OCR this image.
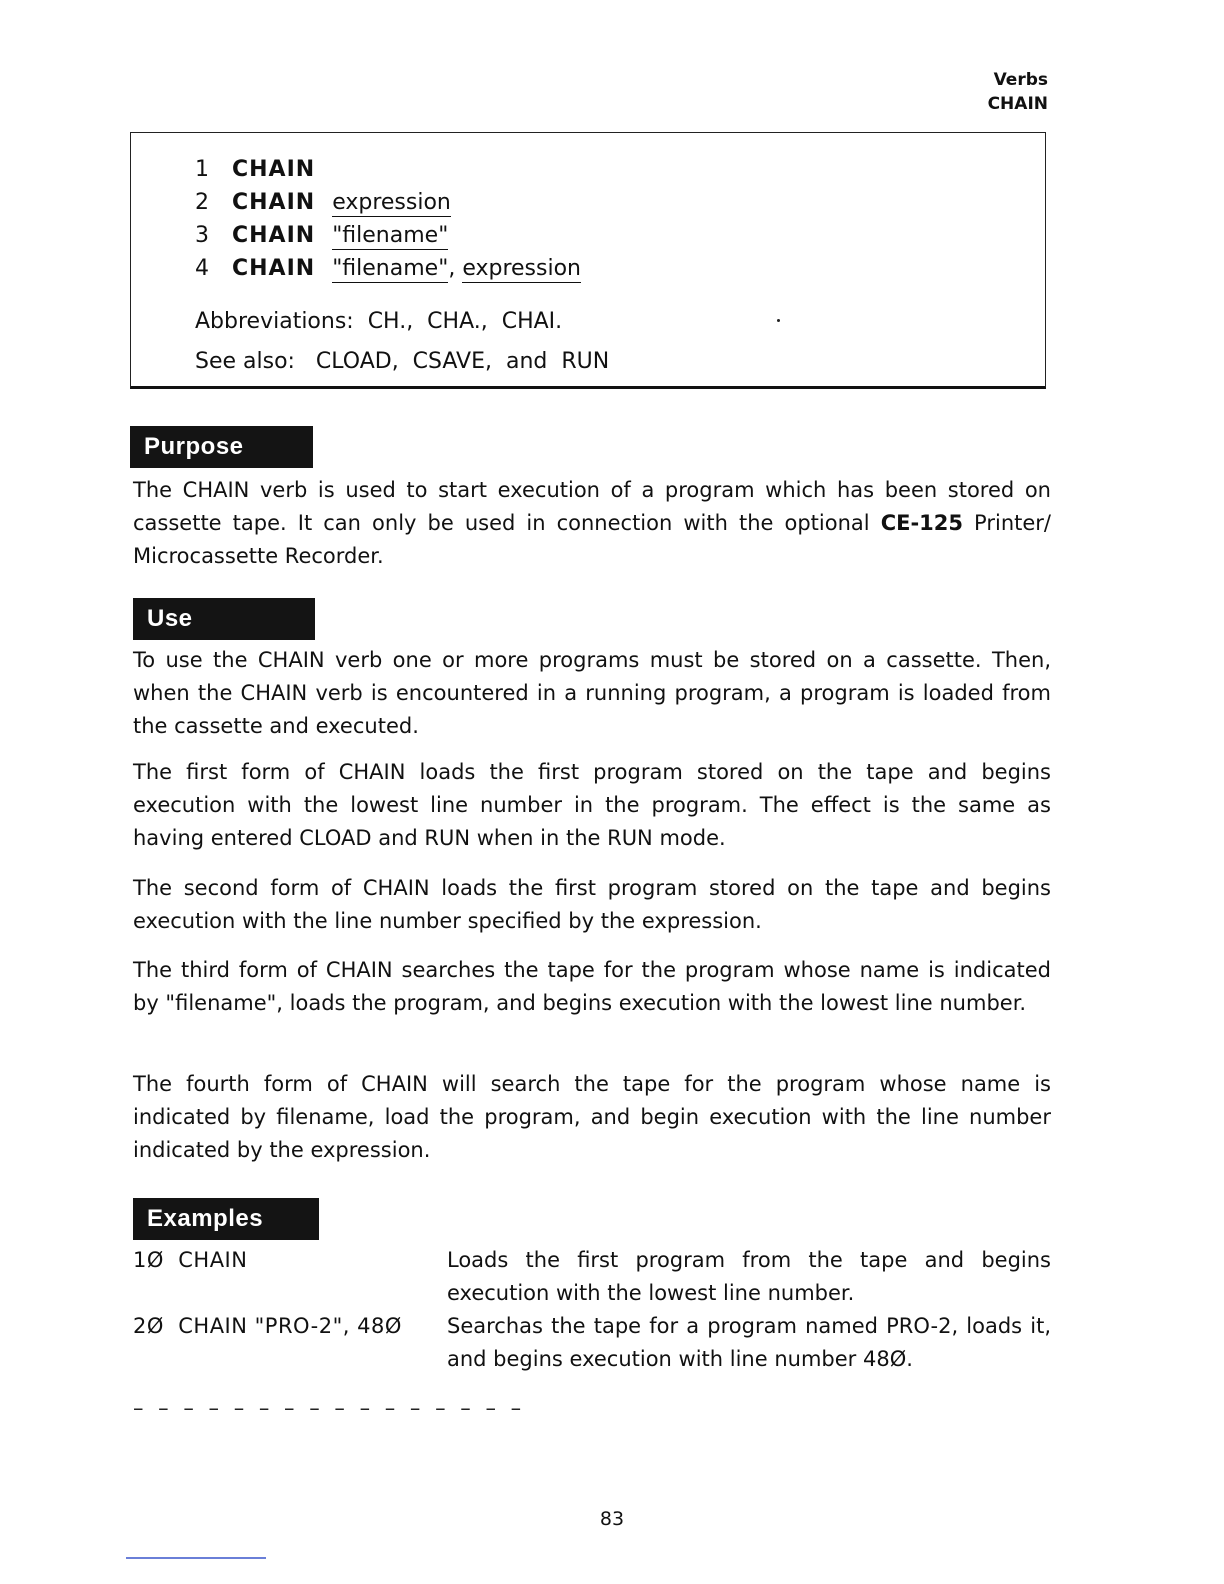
Verbs
CHAIN
1 CHAIN
2 CHAIN expression
3 CHAIN "filename"
4 CHAIN "filename", expression
Abbreviations:  CH.,  CHA.,  CHAI.
See also:   CLOAD,  CSAVE,  and  RUN
Purpose

The CHAIN verb is used to start execution of a program which has been stored on cassette tape. It can only be used in connection with the optional CE-125 Printer/ Microcassette Recorder.

Use

To use the CHAIN verb one or more programs must be stored on a cassette. Then, when the CHAIN verb is encountered in a running program, a program is loaded from the cassette and executed.

The first form of CHAIN loads the first program stored on the tape and begins execution with the lowest line number in the program. The effect is the same as having entered CLOAD and RUN when in the RUN mode.

The second form of CHAIN loads the first program stored on the tape and begins execution with the line number specified by the expression.

The third form of CHAIN searches the tape for the program whose name is indicated by "filename", loads the program, and begins execution with the lowest line number.

The fourth form of CHAIN will search the tape for the program whose name is indicated by filename, load the program, and begin execution with the line number indicated by the expression.

Examples
1Ø  CHAIN	Loads the first program from the tape and begins execution with the lowest line number.
2Ø  CHAIN "PRO-2", 48Ø Searchas the tape for a program named PRO-2, loads it, and begins execution with line number 48Ø.
– – – – – – – – – – – – – – – –
83
